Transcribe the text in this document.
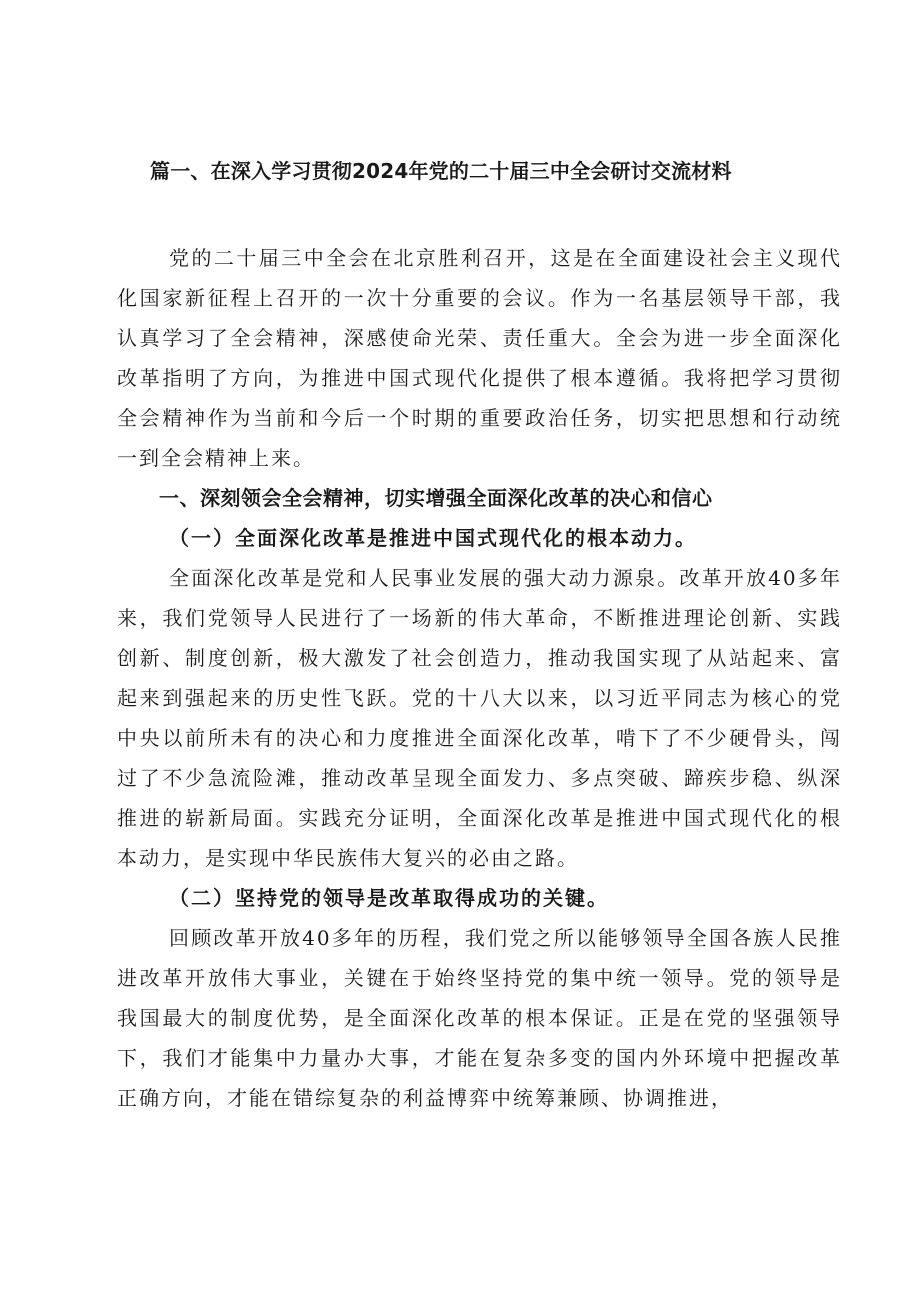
篇一、在深入学习贯彻2024年党的二十届三中全会研讨交流材料

党的二十届三中全会在北京胜利召开，这是在全面建设社会主义现代化国家新征程上召开的一次十分重要的会议。作为一名基层领导干部，我认真学习了全会精神，深感使命光荣、责任重大。全会为进一步全面深化改革指明了方向，为推进中国式现代化提供了根本遵循。我将把学习贯彻全会精神作为当前和今后一个时期的重要政治任务，切实把思想和行动统一到全会精神上来。

一、深刻领会全会精神，切实增强全面深化改革的决心和信心
（一）全面深化改革是推进中国式现代化的根本动力。

全面深化改革是党和人民事业发展的强大动力源泉。改革开放40多年来，我们党领导人民进行了一场新的伟大革命，不断推进理论创新、实践创新、制度创新，极大激发了社会创造力，推动我国实现了从站起来、富起来到强起来的历史性飞跃。党的十八大以来，以习近平同志为核心的党中央以前所未有的决心和力度推进全面深化改革，啃下了不少硬骨头，闯过了不少急流险滩，推动改革呈现全面发力、多点突破、蹄疾步稳、纵深推进的崭新局面。实践充分证明，全面深化改革是推进中国式现代化的根本动力，是实现中华民族伟大复兴的必由之路。

（二）坚持党的领导是改革取得成功的关键。

回顾改革开放40多年的历程，我们党之所以能够领导全国各族人民推进改革开放伟大事业，关键在于始终坚持党的集中统一领导。党的领导是我国最大的制度优势，是全面深化改革的根本保证。正是在党的坚强领导下，我们才能集中力量办大事，才能在复杂多变的国内外环境中把握改革正确方向，才能在错综复杂的利益博弈中统筹兼顾、协调推进，
